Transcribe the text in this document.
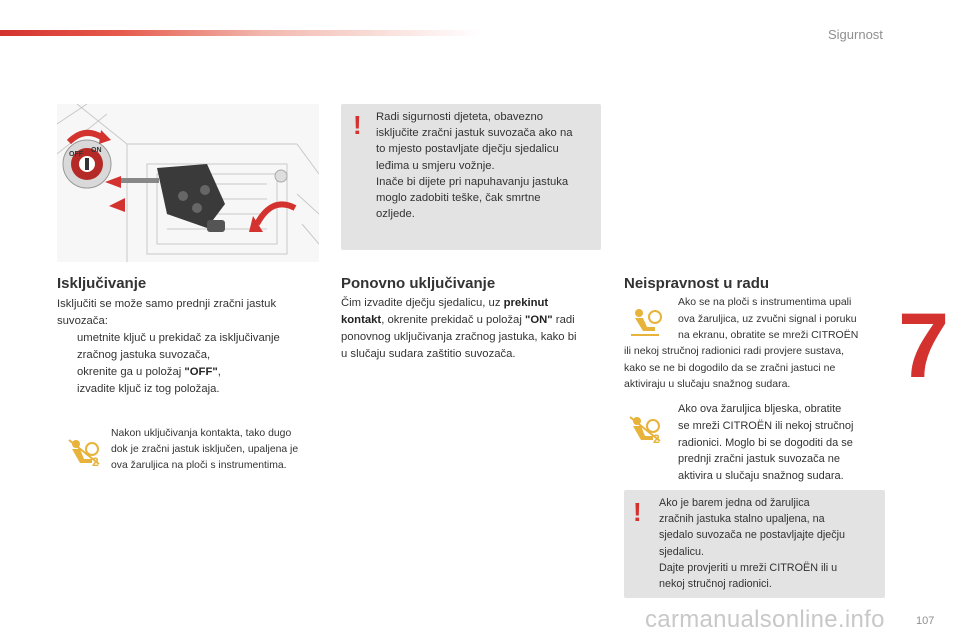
Sigurnost
OFF
ON
! Radi sigurnosti djeteta, obavezno
isključite zračni jastuk suvozača ako na
to mjesto postavljate dječju sjedalicu
leđima u smjeru vožnje.
Inače bi dijete pri napuhavanju jastuka
moglo zadobiti teške, čak smrtne
ozljede.
Isključivanje
Isključiti se može samo prednji zračni jastuk
suvozača:
umetnite ključ u prekidač za isključivanje
zračnog jastuka suvozača,
okrenite ga u položaj "OFF",
izvadite ključ iz tog položaja.
2
Nakon uključivanja kontakta, tako dugo
dok je zračni jastuk isključen, upaljena je
ova žaruljica na ploči s instrumentima.
Ponovno uključivanje
Čim izvadite dječju sjedalicu, uz prekinut
kontakt, okrenite prekidač u položaj "ON" radi
ponovnog uključivanja zračnog jastuka, kako bi
u slučaju sudara zaštitio suvozača.
Neispravnost u radu
Ako se na ploči s instrumentima upali
ova žaruljica, uz zvučni signal i poruku
na ekranu, obratite se mreži CITROËN
ili nekoj stručnoj radionici radi provjere sustava,
kako se ne bi dogodilo da se zračni jastuci ne
aktiviraju u slučaju snažnog sudara.
2
Ako ova žaruljica bljeska, obratite
se mreži CITROËN ili nekoj stručnoj
radionici. Moglo bi se dogoditi da se
prednji zračni jastuk suvozača ne
aktivira u slučaju snažnog sudara.
! Ako je barem jedna od žaruljica
zračnih jastuka stalno upaljena, na
sjedalo suvozača ne postavljajte dječju
sjedalicu.
Dajte provjeriti u mreži CITROËN ili u
nekoj stručnoj radionici.
7
107
carmanualsonline.info
